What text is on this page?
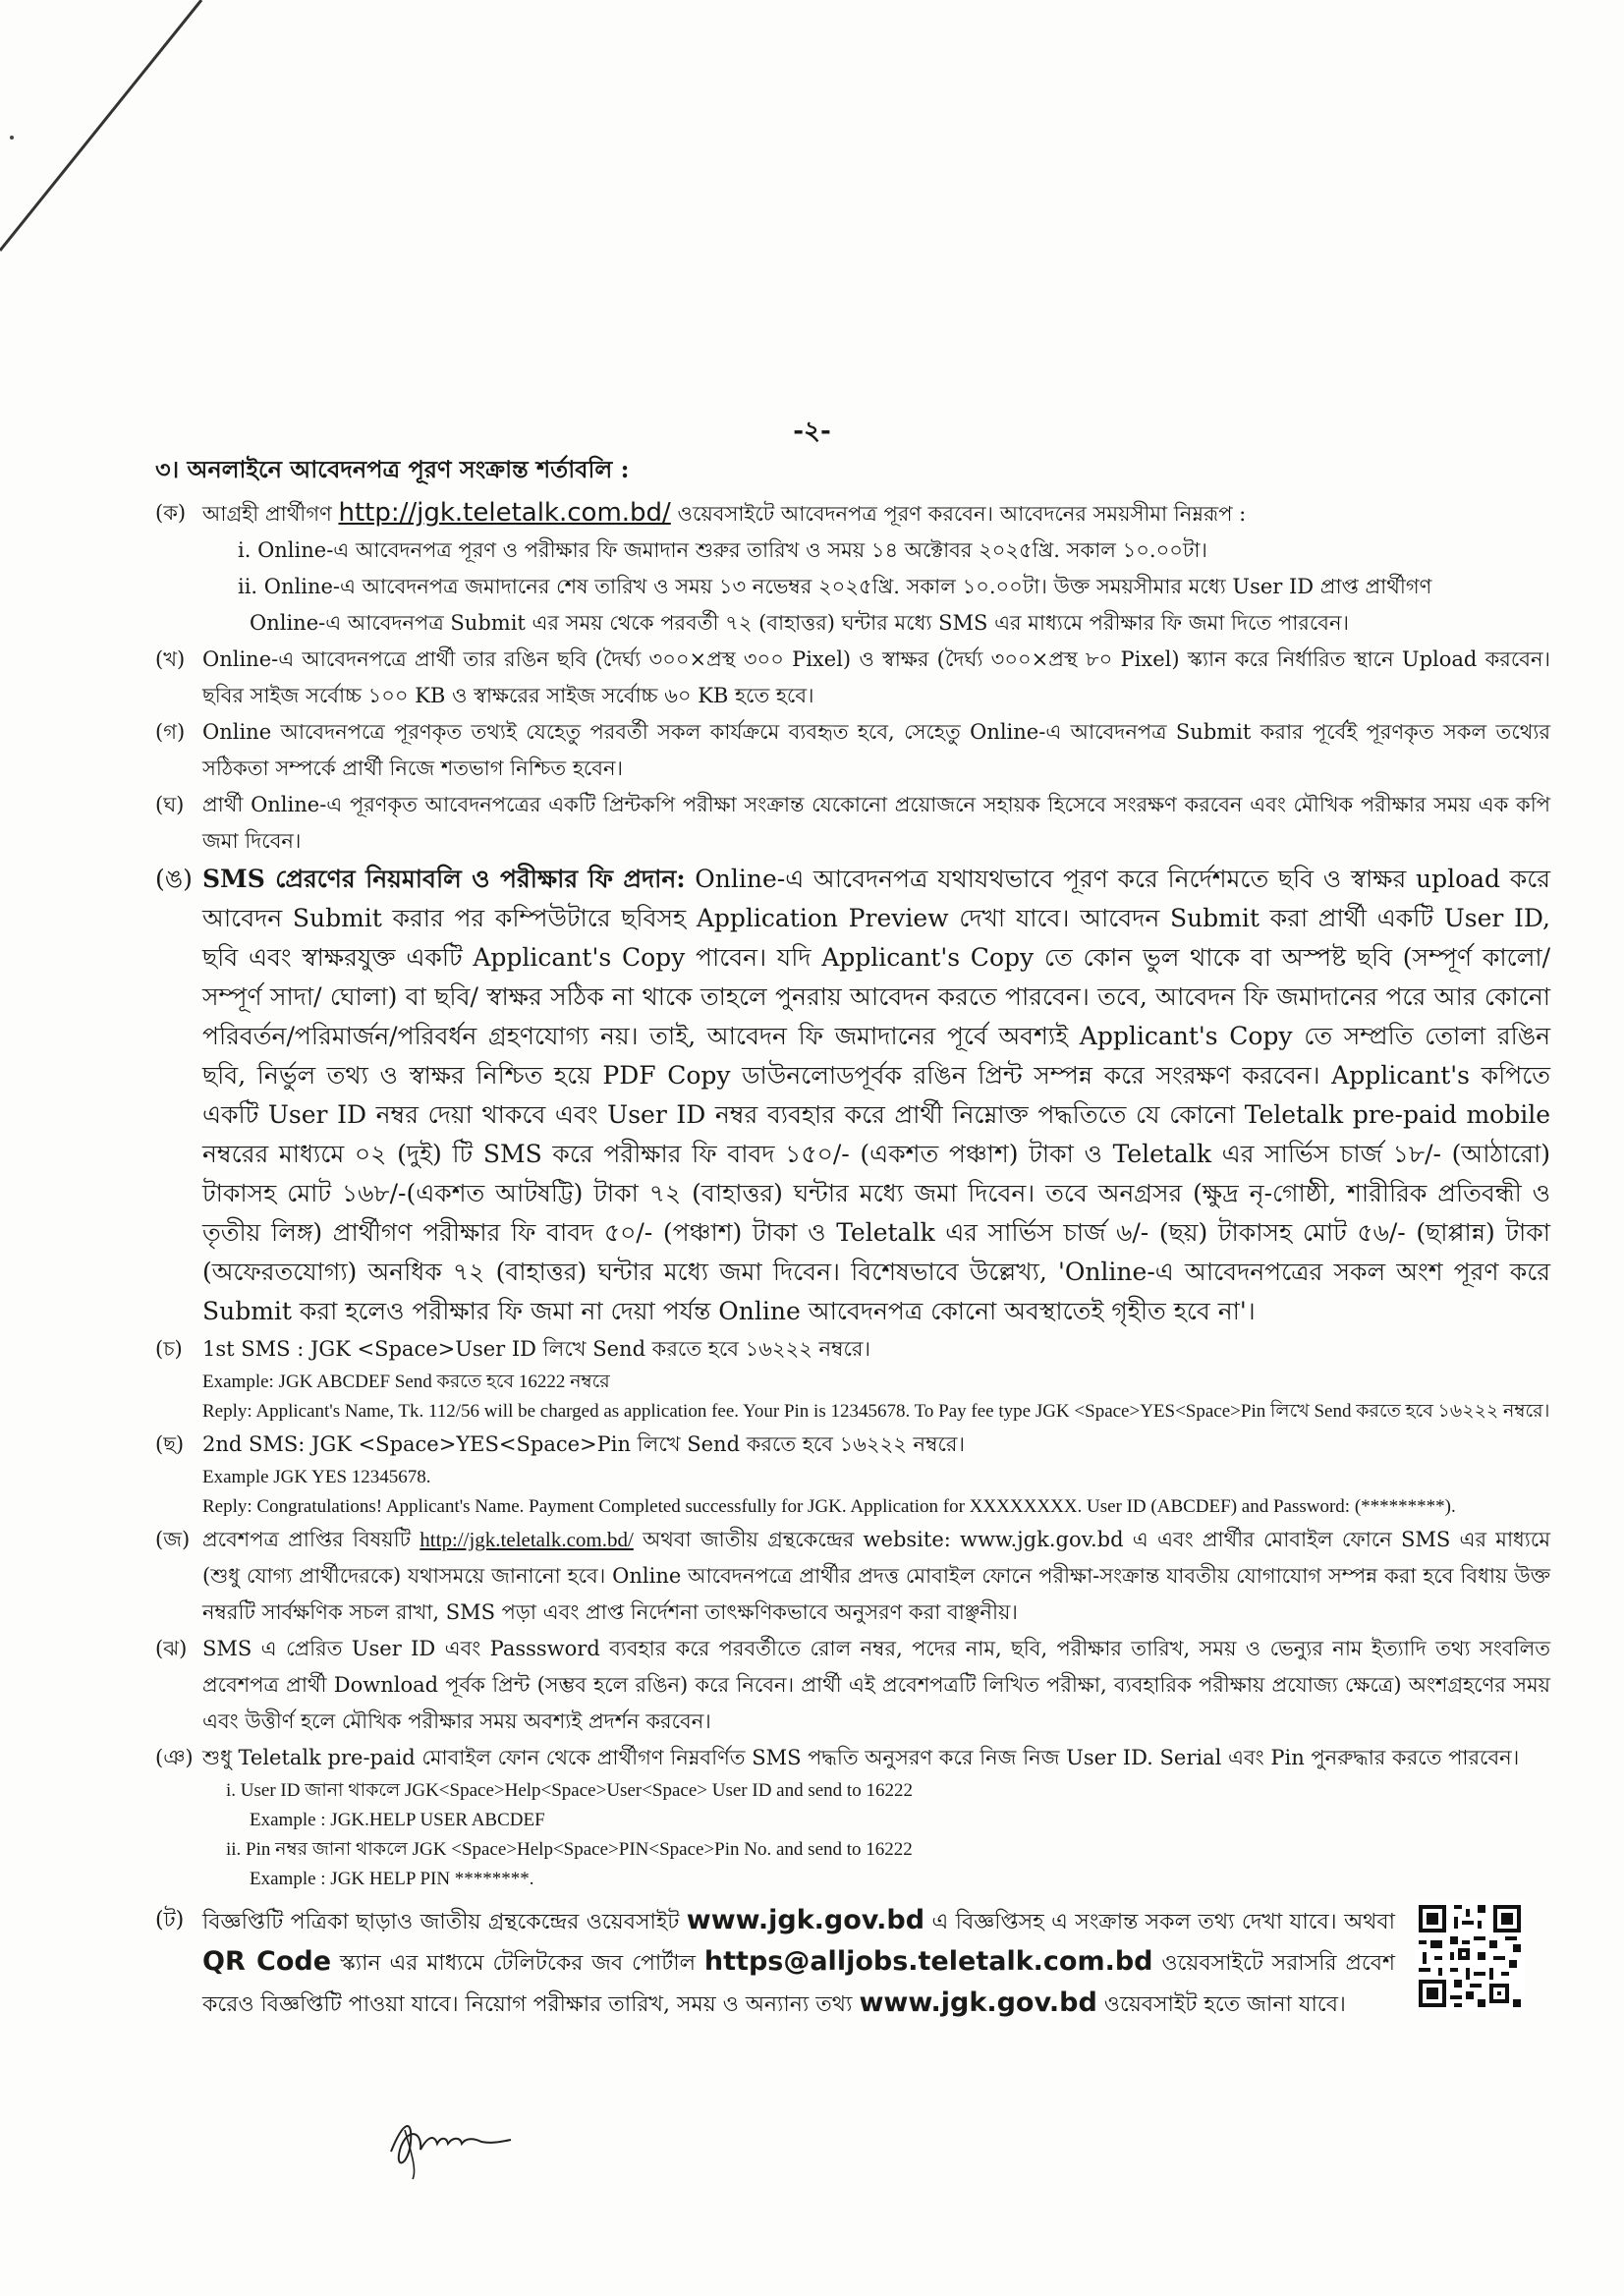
-২-

৩। অনলাইনে আবেদনপত্র পূরণ সংক্রান্ত শর্তাবলি :

(ক) আগ্রহী প্রার্থীগণ http://jgk.teletalk.com.bd/ ওয়েবসাইটে আবেদনপত্র পূরণ করবেন। আবেদনের সময়সীমা নিম্নরূপ :

i. Online-এ আবেদনপত্র পূরণ ও পরীক্ষার ফি জমাদান শুরুর তারিখ ও সময় ১৪ অক্টোবর ২০২৫খ্রি. সকাল ১০.০০টা।

ii. Online-এ আবেদনপত্র জমাদানের শেষ তারিখ ও সময় ১৩ নভেম্বর ২০২৫খ্রি. সকাল ১০.০০টা। উক্ত সময়সীমার মধ্যে User ID প্রাপ্ত প্রার্থীগণ

Online-এ আবেদনপত্র Submit এর সময় থেকে পরবর্তী ৭২ (বাহাত্তর) ঘন্টার মধ্যে SMS এর মাধ্যমে পরীক্ষার ফি জমা দিতে পারবেন।

(খ) Online-এ আবেদনপত্রে প্রার্থী তার রঙিন ছবি (দৈর্ঘ্য ৩০০×প্রস্থ ৩০০ Pixel) ও স্বাক্ষর (দৈর্ঘ্য ৩০০×প্রস্থ ৮০ Pixel) স্ক্যান করে নির্ধারিত স্থানে Upload করবেন। ছবির সাইজ সর্বোচ্চ ১০০ KB ও স্বাক্ষরের সাইজ সর্বোচ্চ ৬০ KB হতে হবে।

(গ) Online আবেদনপত্রে পূরণকৃত তথ্যই যেহেতু পরবর্তী সকল কার্যক্রমে ব্যবহৃত হবে, সেহেতু Online-এ আবেদনপত্র Submit করার পূর্বেই পূরণকৃত সকল তথ্যের সঠিকতা সম্পর্কে প্রার্থী নিজে শতভাগ নিশ্চিত হবেন।

(ঘ) প্রার্থী Online-এ পূরণকৃত আবেদনপত্রের একটি প্রিন্টকপি পরীক্ষা সংক্রান্ত যেকোনো প্রয়োজনে সহায়ক হিসেবে সংরক্ষণ করবেন এবং মৌখিক পরীক্ষার সময় এক কপি জমা দিবেন।

(ঙ) SMS প্রেরণের নিয়মাবলি ও পরীক্ষার ফি প্রদান: Online-এ আবেদনপত্র যথাযথভাবে পূরণ করে নির্দেশমতে ছবি ও স্বাক্ষর upload করে আবেদন Submit করার পর কম্পিউটারে ছবিসহ Application Preview দেখা যাবে। আবেদন Submit করা প্রার্থী একটি User ID, ছবি এবং স্বাক্ষরযুক্ত একটি Applicant's Copy পাবেন। যদি Applicant's Copy তে কোন ভুল থাকে বা অস্পষ্ট ছবি (সম্পূর্ণ কালো/ সম্পূর্ণ সাদা/ ঘোলা) বা ছবি/ স্বাক্ষর সঠিক না থাকে তাহলে পুনরায় আবেদন করতে পারবেন। তবে, আবেদন ফি জমাদানের পরে আর কোনো পরিবর্তন/পরিমার্জন/পরিবর্ধন গ্রহণযোগ্য নয়। তাই, আবেদন ফি জমাদানের পূর্বে অবশ্যই Applicant's Copy তে সম্প্রতি তোলা রঙিন ছবি, নির্ভুল তথ্য ও স্বাক্ষর নিশ্চিত হয়ে PDF Copy ডাউনলোডপূর্বক রঙিন প্রিন্ট সম্পন্ন করে সংরক্ষণ করবেন। Applicant's কপিতে একটি User ID নম্বর দেয়া থাকবে এবং User ID নম্বর ব্যবহার করে প্রার্থী নিম্নোক্ত পদ্ধতিতে যে কোনো Teletalk pre-paid mobile নম্বরের মাধ্যমে ০২ (দুই) টি SMS করে পরীক্ষার ফি বাবদ ১৫০/- (একশত পঞ্চাশ) টাকা ও Teletalk এর সার্ভিস চার্জ ১৮/- (আঠারো) টাকাসহ মোট ১৬৮/-(একশত আটষট্টি) টাকা ৭২ (বাহাত্তর) ঘন্টার মধ্যে জমা দিবেন। তবে অনগ্রসর (ক্ষুদ্র নৃ-গোষ্ঠী, শারীরিক প্রতিবন্ধী ও তৃতীয় লিঙ্গ) প্রার্থীগণ পরীক্ষার ফি বাবদ ৫০/- (পঞ্চাশ) টাকা ও Teletalk এর সার্ভিস চার্জ ৬/- (ছয়) টাকাসহ মোট ৫৬/- (ছাপ্পান্ন) টাকা (অফেরতযোগ্য) অনধিক ৭২ (বাহাত্তর) ঘন্টার মধ্যে জমা দিবেন। বিশেষভাবে উল্লেখ্য, 'Online-এ আবেদনপত্রের সকল অংশ পূরণ করে Submit করা হলেও পরীক্ষার ফি জমা না দেয়া পর্যন্ত Online আবেদনপত্র কোনো অবস্থাতেই গৃহীত হবে না'।

(চ) 1st SMS : JGK <Space>User ID লিখে Send করতে হবে ১৬২২২ নম্বরে।

Example: JGK ABCDEF Send করতে হবে 16222 নম্বরে

Reply: Applicant's Name, Tk. 112/56 will be charged as application fee. Your Pin is 12345678. To Pay fee type JGK <Space>YES<Space>Pin লিখে Send করতে হবে ১৬২২২ নম্বরে।

(ছ) 2nd SMS: JGK <Space>YES<Space>Pin লিখে Send করতে হবে ১৬২২২ নম্বরে।

Example JGK YES 12345678.

Reply: Congratulations! Applicant's Name. Payment Completed successfully for JGK. Application for XXXXXXXX. User ID (ABCDEF) and Password: (*********).

(জ) প্রবেশপত্র প্রাপ্তির বিষয়টি http://jgk.teletalk.com.bd/ অথবা জাতীয় গ্রন্থকেন্দ্রের website: www.jgk.gov.bd এ এবং প্রার্থীর মোবাইল ফোনে SMS এর মাধ্যমে (শুধু যোগ্য প্রার্থীদেরকে) যথাসময়ে জানানো হবে। Online আবেদনপত্রে প্রার্থীর প্রদত্ত মোবাইল ফোনে পরীক্ষা-সংক্রান্ত যাবতীয় যোগাযোগ সম্পন্ন করা হবে বিধায় উক্ত নম্বরটি সার্বক্ষণিক সচল রাখা, SMS পড়া এবং প্রাপ্ত নির্দেশনা তাৎক্ষণিকভাবে অনুসরণ করা বাঞ্ছনীয়।

(ঝ) SMS এ প্রেরিত User ID এবং Passsword ব্যবহার করে পরবর্তীতে রোল নম্বর, পদের নাম, ছবি, পরীক্ষার তারিখ, সময় ও ভেন্যুর নাম ইত্যাদি তথ্য সংবলিত প্রবেশপত্র প্রার্থী Download পূর্বক প্রিন্ট (সম্ভব হলে রঙিন) করে নিবেন। প্রার্থী এই প্রবেশপত্রটি লিখিত পরীক্ষা, ব্যবহারিক পরীক্ষায় প্রযোজ্য ক্ষেত্রে) অংশগ্রহণের সময় এবং উত্তীর্ণ হলে মৌখিক পরীক্ষার সময় অবশ্যই প্রদর্শন করবেন।

(ঞ) শুধু Teletalk pre-paid মোবাইল ফোন থেকে প্রার্থীগণ নিম্নবর্ণিত SMS পদ্ধতি অনুসরণ করে নিজ নিজ User ID. Serial এবং Pin পুনরুদ্ধার করতে পারবেন।

i. User ID জানা থাকলে JGK<Space>Help<Space>User<Space> User ID and send to 16222

Example : JGK.HELP USER ABCDEF

ii. Pin নম্বর জানা থাকলে JGK <Space>Help<Space>PIN<Space>Pin No. and send to 16222

Example : JGK HELP PIN ********.

(ট) বিজ্ঞপ্তিটি পত্রিকা ছাড়াও জাতীয় গ্রন্থকেন্দ্রের ওয়েবসাইট www.jgk.gov.bd এ বিজ্ঞপ্তিসহ এ সংক্রান্ত সকল তথ্য দেখা যাবে। অথবা QR Code স্ক্যান এর মাধ্যমে টেলিটকের জব পোর্টাল https@alljobs.teletalk.com.bd ওয়েবসাইটে সরাসরি প্রবেশ করেও বিজ্ঞপ্তিটি পাওয়া যাবে। নিয়োগ পরীক্ষার তারিখ, সময় ও অন্যান্য তথ্য www.jgk.gov.bd ওয়েবসাইট হতে জানা যাবে।
